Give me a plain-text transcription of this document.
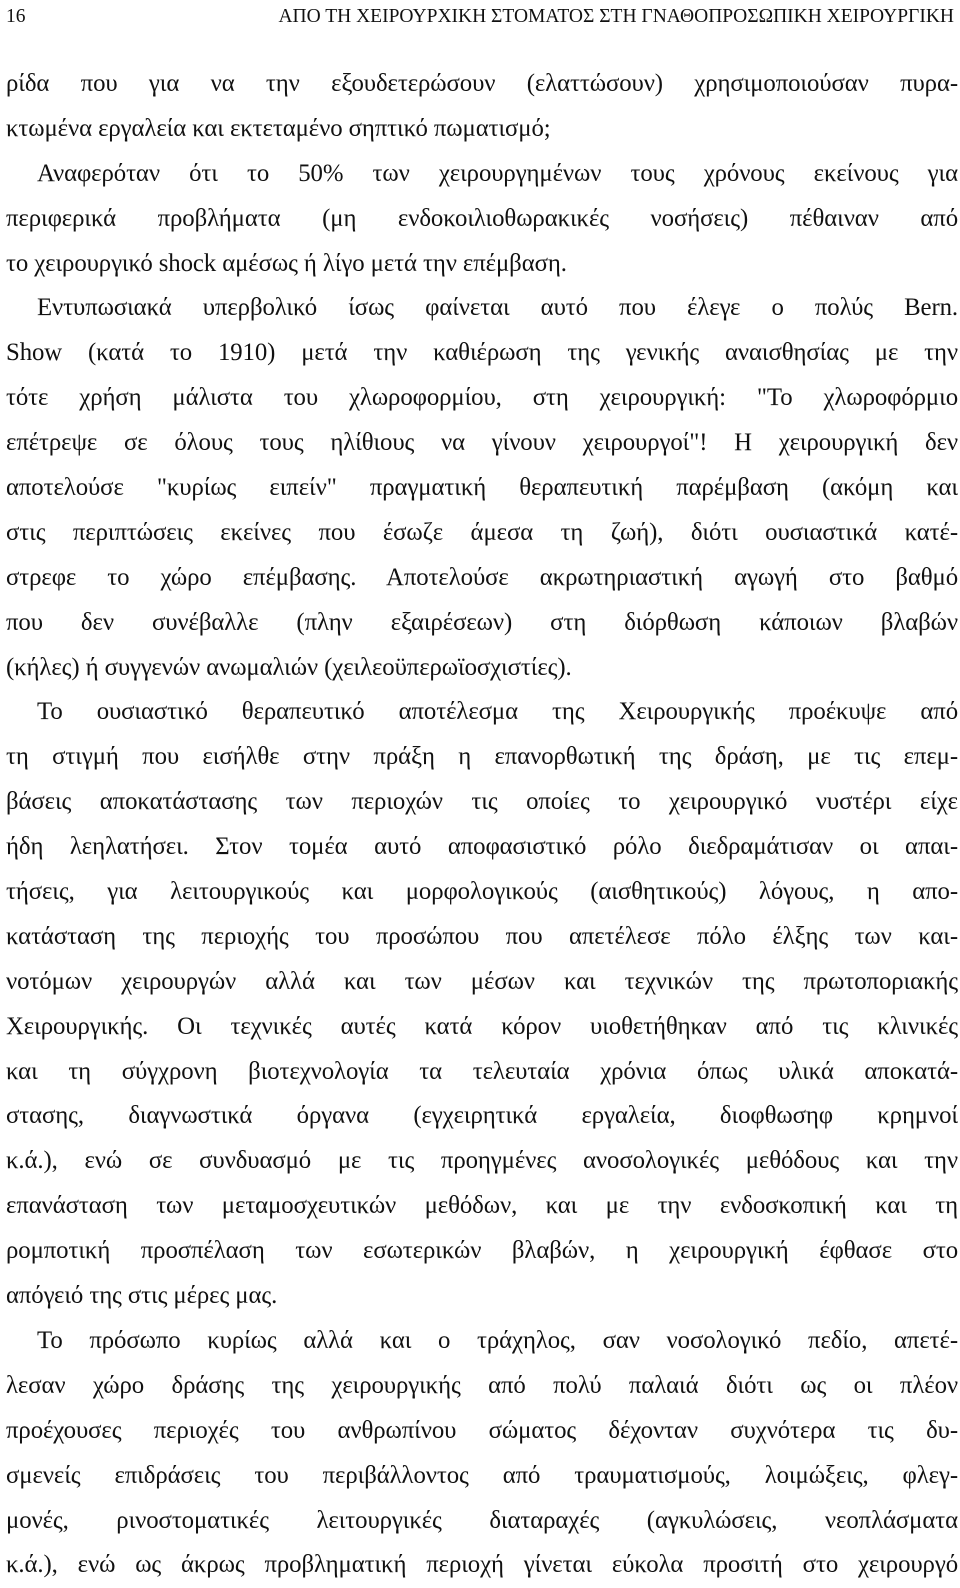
16	ΑΠΟ ΤΗ ΧΕΙΡΟΥΡΧΙΚΗ ΣΤΟΜΑΤΟΣ ΣΤΗ ΓΝΑΘΟΠΡΟΣΩΠΙΚΗ ΧΕΙΡΟΥΡΓΙΚΗ
ρίδα που για να την εξουδετερώσουν (ελαττώσουν) χρησιμοποιούσαν πυρα-
κτωμένα εργαλεία και εκτεταμένο σηπτικό πωματισμό;
Αναφερόταν ότι το 50% των χειρουργημένων τους χρόνους εκείνους για
περιφερικά προβλήματα (μη ενδοκοιλιοθωρακικές νοσήσεις) πέθαιναν από
το χειρουργικό shock αμέσως ή λίγο μετά την επέμβαση.
Εντυπωσιακά υπερβολικό ίσως φαίνεται αυτό που έλεγε ο πολύς Bern.
Show (κατά το 1910) μετά την καθιέρωση της γενικής αναισθησίας με την
τότε χρήση μάλιστα του χλωροφορμίου, στη χειρουργική: "Το χλωροφόρμιο
επέτρεψε σε όλους τους ηλίθιους να γίνουν χειρουργοί"! Η χειρουργική δεν
αποτελούσε "κυρίως ειπείν" πραγματική θεραπευτική παρέμβαση (ακόμη και
στις περιπτώσεις εκείνες που έσωζε άμεσα τη ζωή), διότι ουσιαστικά κατέ-
στρεφε το χώρο επέμβασης. Αποτελούσε ακρωτηριαστική αγωγή στο βαθμό
που δεν συνέβαλλε (πλην εξαιρέσεων) στη διόρθωση κάποιων βλαβών
(κήλες) ή συγγενών ανωμαλιών (χειλεοϋπερωϊοσχιστίες).
Το ουσιαστικό θεραπευτικό αποτέλεσμα της Χειρουργικής προέκυψε από
τη στιγμή που εισήλθε στην πράξη η επανορθωτική της δράση, με τις επεμ-
βάσεις αποκατάστασης των περιοχών τις οποίες το χειρουργικό νυστέρι είχε
ήδη λεηλατήσει. Στον τομέα αυτό αποφασιστικό ρόλο διεδραμάτισαν οι απαι-
τήσεις, για λειτουργικούς και μορφολογικούς (αισθητικούς) λόγους, η απο-
κατάσταση της περιοχής του προσώπου που απετέλεσε πόλο έλξης των και-
νοτόμων χειρουργών αλλά και των μέσων και τεχνικών της πρωτοποριακής
Χειρουργικής. Οι τεχνικές αυτές κατά κόρον υιοθετήθηκαν από τις κλινικές
και τη σύγχρονη βιοτεχνολογία τα τελευταία χρόνια όπως υλικά αποκατά-
στασης, διαγνωστικά όργανα (εγχειρητικά εργαλεία, διοφθωσηφ κρημνοί
κ.ά.), ενώ σε συνδυασμό με τις προηγμένες ανοσολογικές μεθόδους και την
επανάσταση των μεταμοσχευτικών μεθόδων, και με την ενδοσκοπική και τη
ρομποτική προσπέλαση των εσωτερικών βλαβών, η χειρουργική έφθασε στο
απόγειό της στις μέρες μας.
Το πρόσωπο κυρίως αλλά και ο τράχηλος, σαν νοσολογικό πεδίο, απετέ-
λεσαν χώρο δράσης της χειρουργικής από πολύ παλαιά διότι ως οι πλέον
προέχουσες περιοχές του ανθρωπίνου σώματος δέχονταν συχνότερα τις δυ-
σμενείς επιδράσεις του περιβάλλοντος από τραυματισμούς, λοιμώξεις, φλεγ-
μονές, ρινοστοματικές λειτουργικές διαταραχές (αγκυλώσεις, νεοπλάσματα
κ.ά.), ενώ ως άκρως προβληματική περιοχή γίνεται εύκολα προσιτή στο χειρουργό
